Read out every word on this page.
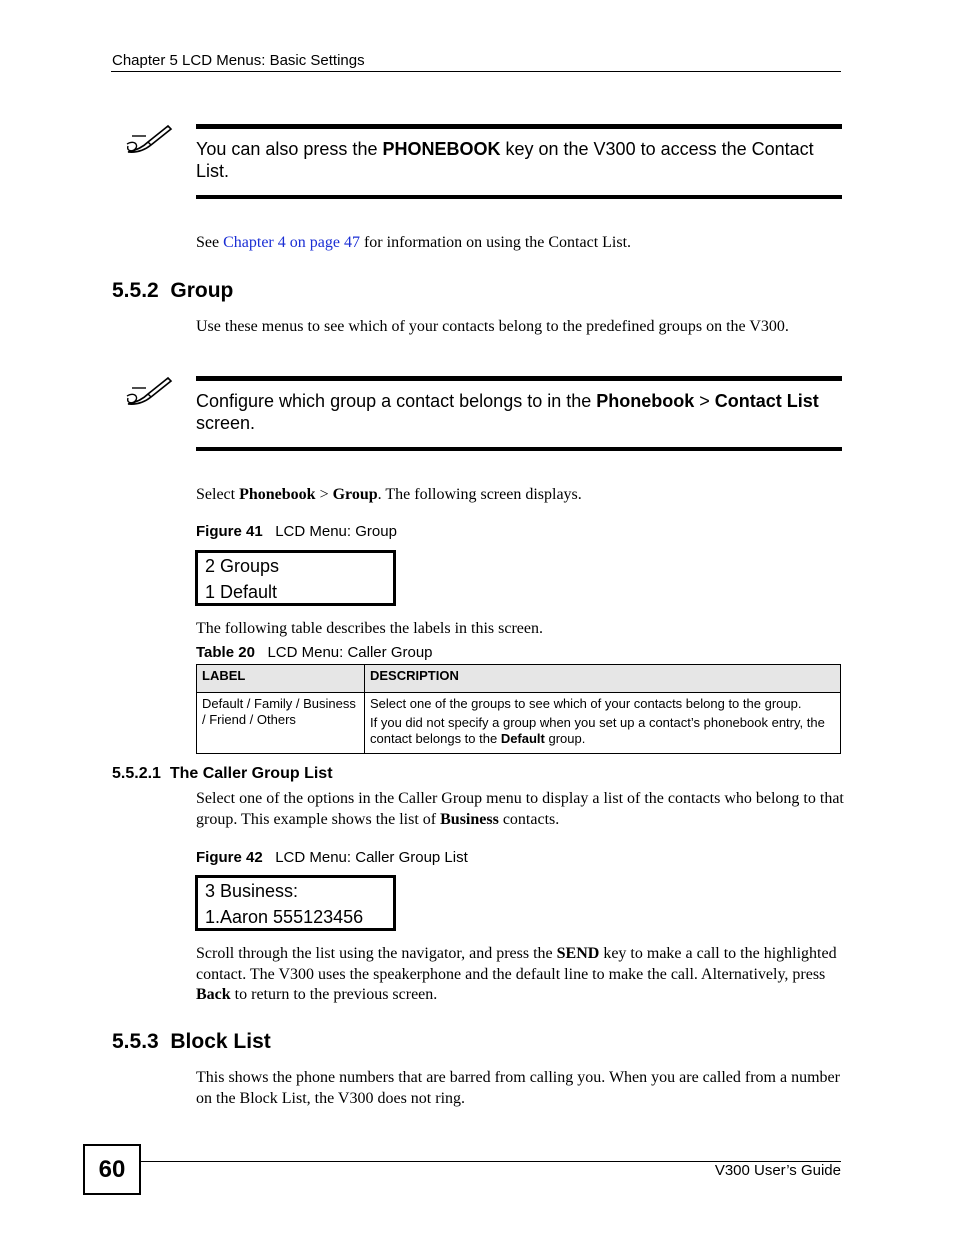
Chapter 5 LCD Menus: Basic Settings
You can also press the PHONEBOOK key on the V300 to access the Contact List.
See Chapter 4 on page 47 for information on using the Contact List.
5.5.2 Group
Use these menus to see which of your contacts belong to the predefined groups on the V300.
Configure which group a contact belongs to in the Phonebook > Contact List screen.
Select Phonebook > Group. The following screen displays.
Figure 41 LCD Menu: Group
2 Groups
1 Default
The following table describes the labels in this screen.
Table 20 LCD Menu: Caller Group
LABEL	DESCRIPTION
Default / Family / Business / Friend / Others	Select one of the groups to see which of your contacts belong to the group.

If you did not specify a group when you set up a contact’s phonebook entry, the contact belongs to the Default group.

5.5.2.1 The Caller Group List
Select one of the options in the Caller Group menu to display a list of the contacts who belong to that group. This example shows the list of Business contacts.
Figure 42 LCD Menu: Caller Group List
3 Business:
1.Aaron 555123456
Scroll through the list using the navigator, and press the SEND key to make a call to the highlighted contact. The V300 uses the speakerphone and the default line to make the call. Alternatively, press Back to return to the previous screen.
5.5.3 Block List
This shows the phone numbers that are barred from calling you. When you are called from a number on the Block List, the V300 does not ring.
60	V300 User’s Guide
